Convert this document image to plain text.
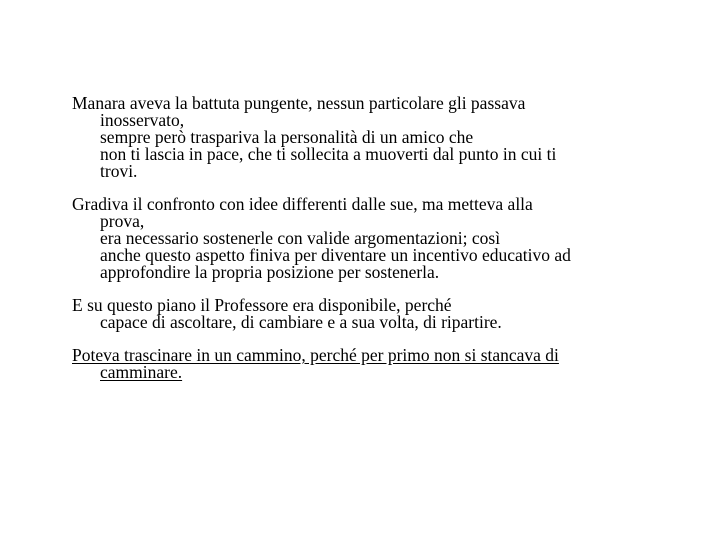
Manara aveva la battuta pungente, nessun particolare gli passava
inosservato,
sempre però traspariva la personalità di un amico che
non ti lascia in pace, che ti sollecita a muoverti dal punto in cui ti
trovi.

Gradiva il confronto con idee differenti dalle sue, ma metteva alla
prova,
era necessario sostenerle con valide argomentazioni; così
anche questo aspetto finiva per diventare un incentivo educativo ad
approfondire la propria posizione per sostenerla.

E su questo piano il Professore era disponibile, perché
capace di ascoltare, di cambiare e a sua volta, di ripartire.

Poteva trascinare in un cammino, perché per primo non si stancava di
camminare.
